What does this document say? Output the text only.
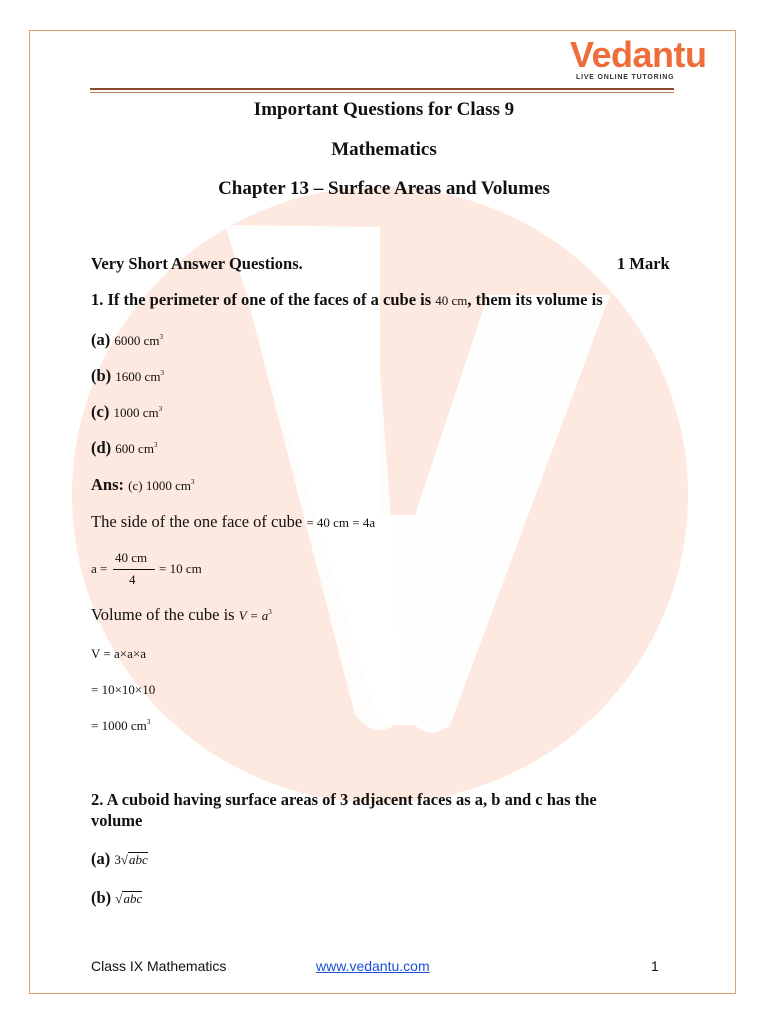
Vedantu
LIVE ONLINE TUTORING
Important Questions for Class 9
Mathematics
Chapter 13 – Surface Areas and Volumes
Very Short Answer Questions.	1 Mark
1. If the perimeter of one of the faces of a cube is 40 cm, them its volume is
(a) 6000 $cm^3$
(b) 1600 $cm^3$
(c) 1000 $cm^3$
(d) 600 $cm^3$
Ans: (c) 1000 $cm^3$
The side of the one face of cube = 40 cm = 4a
a =
40 cm
4
= 10 cm
Volume of the cube is $V = a^3$
V = a×a×a
= 10×10×10
= 1000 $cm^3$
2. A cuboid having surface areas of 3 adjacent faces as a, b and c has the
volume
(a) 3√abc
(b) √abc
Class IX Mathematics	www.vedantu.com	1
